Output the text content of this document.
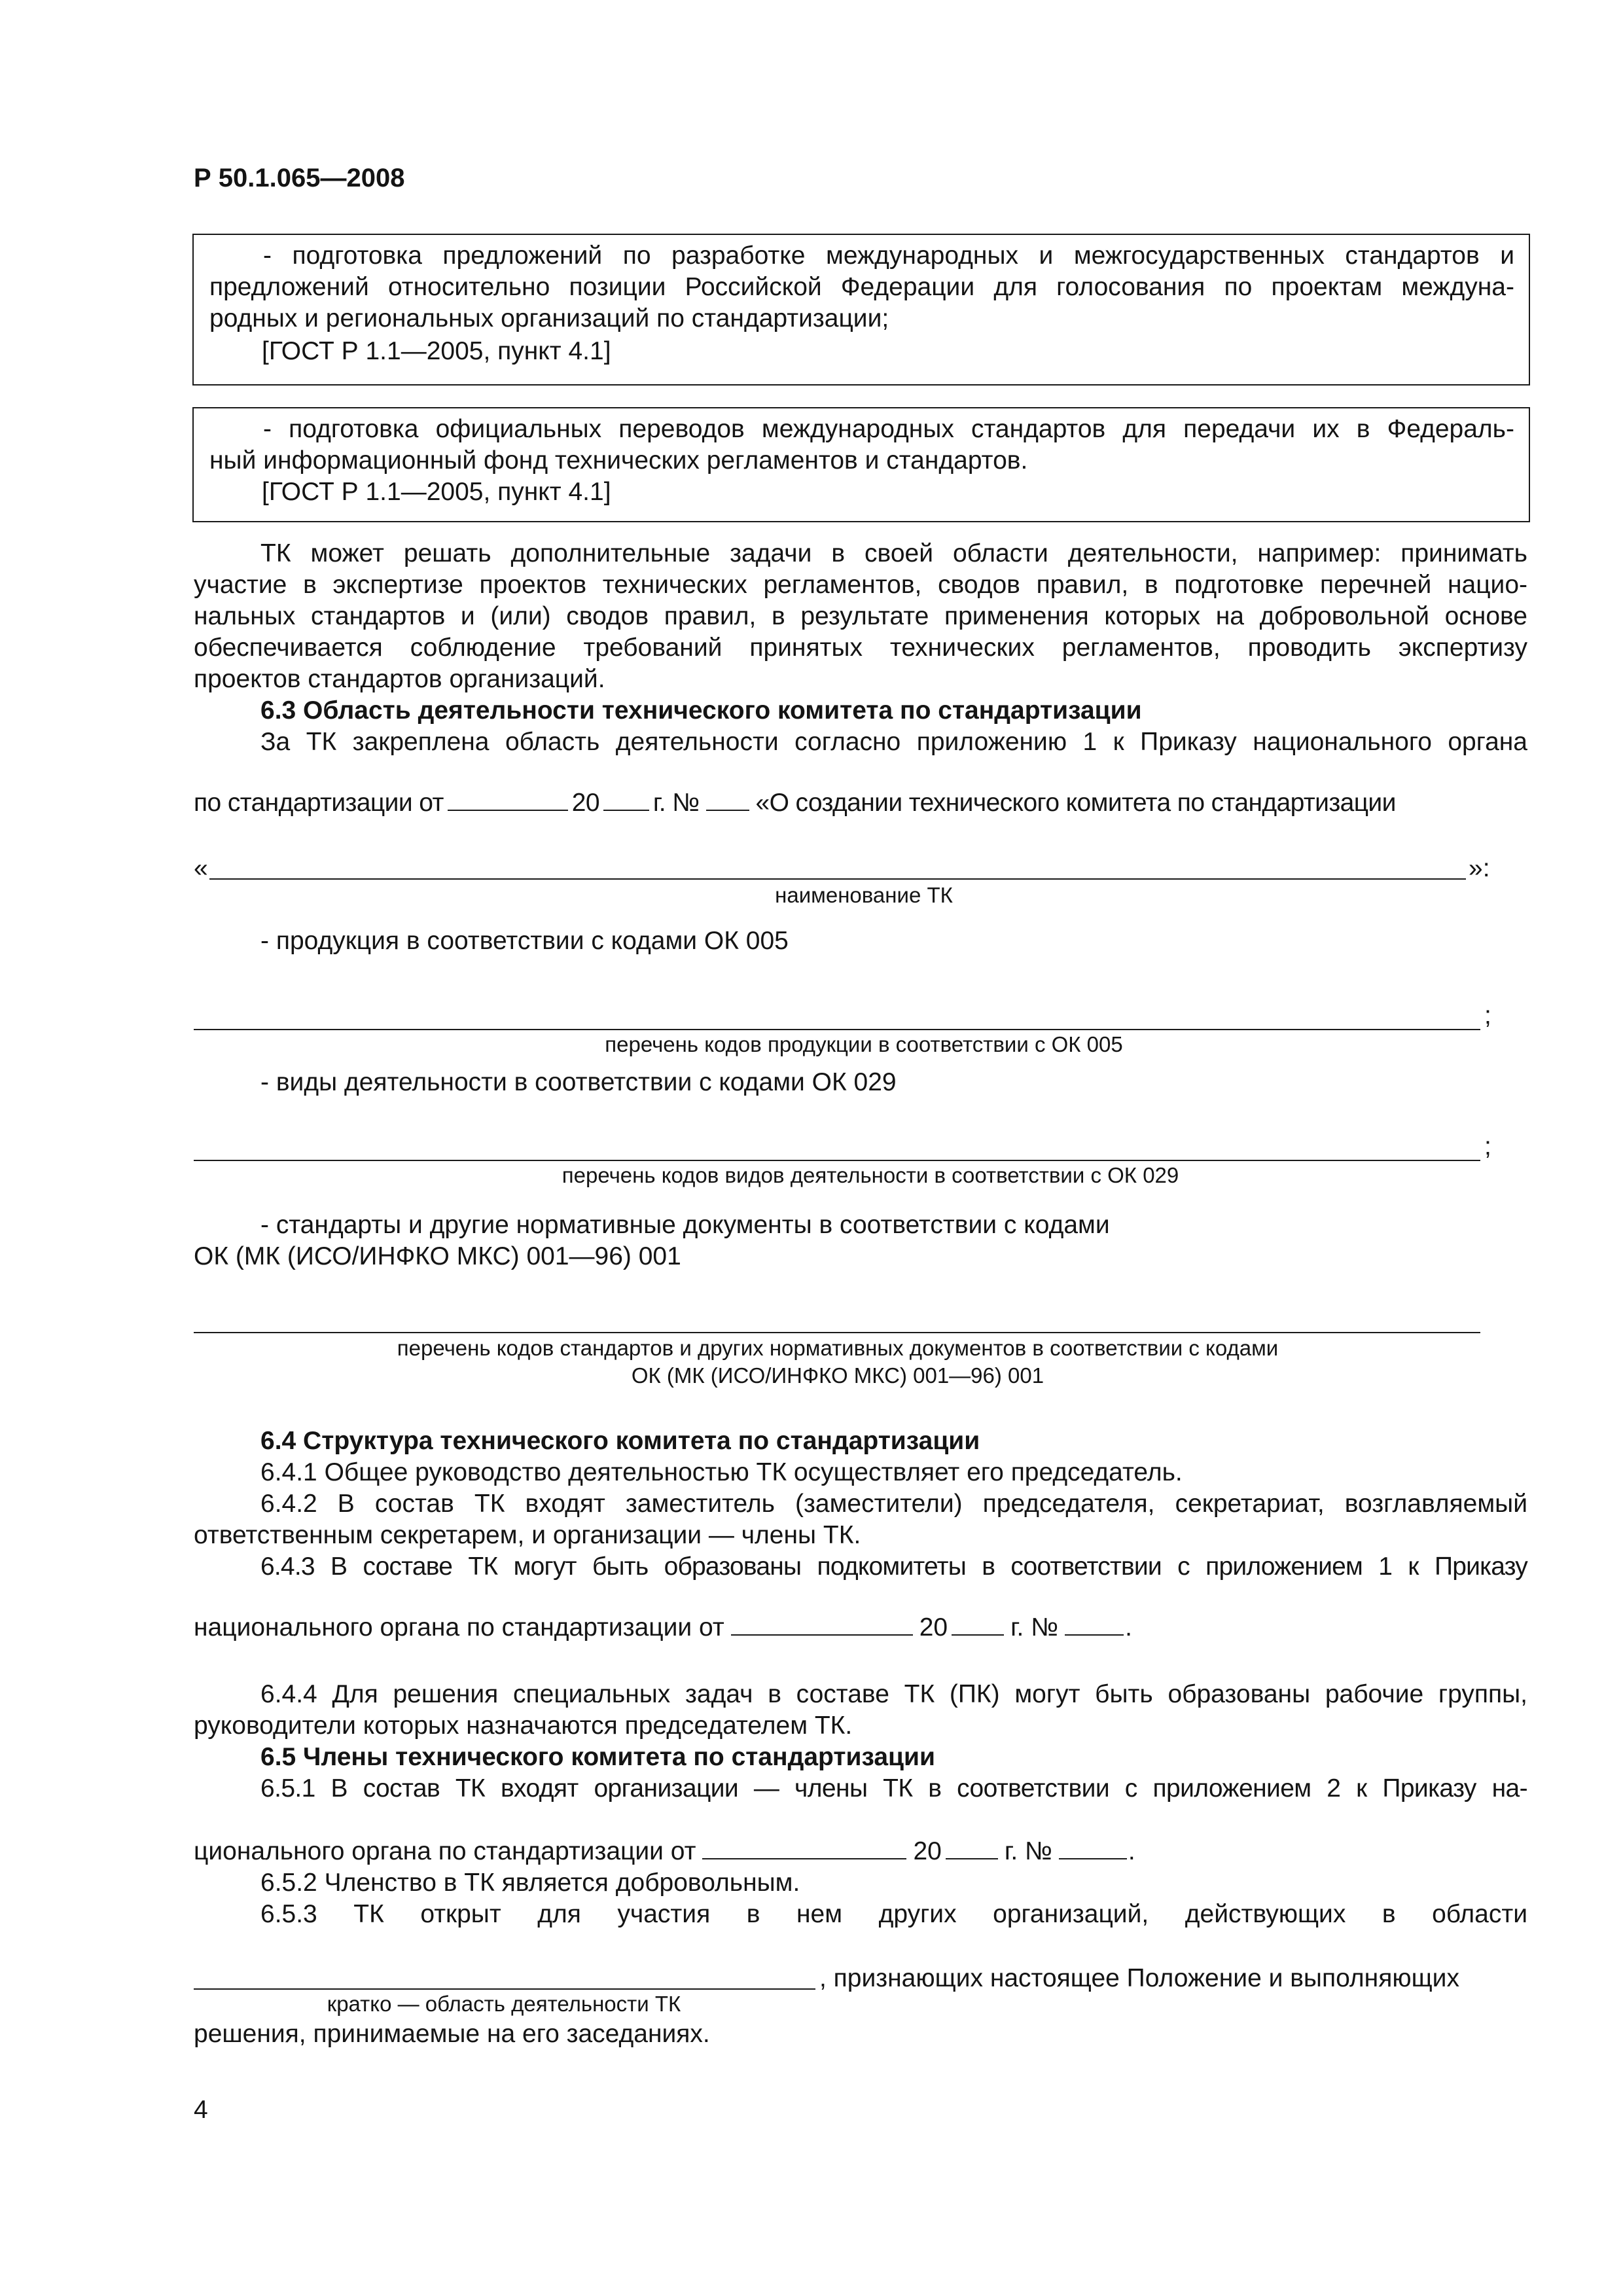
Р 50.1.065—2008
- подготовка предложений по разработке международных и межгосударственных стандартов и
предложений относительно позиции Российской Федерации для голосования по проектам междуна-
родных и региональных организаций по стандартизации;
[ГОСТ Р 1.1—2005, пункт 4.1]
- подготовка официальных переводов международных стандартов для передачи их в Федераль-
ный информационный фонд технических регламентов и стандартов.
[ГОСТ Р 1.1—2005, пункт 4.1]
ТК может решать дополнительные задачи в своей области деятельности, например: принимать
участие в экспертизе проектов технических регламентов, сводов правил, в подготовке перечней нацио-
нальных стандартов и (или) сводов правил, в результате применения которых на добровольной основе
обеспечивается соблюдение требований принятых технических регламентов, проводить экспертизу
проектов стандартов организаций.
6.3 Область деятельности технического комитета по стандартизации
За ТК закреплена область деятельности согласно приложению 1 к Приказу национального органа
по стандартизации от	20 г. № «О создании технического комитета по стандартизации
«	»:
наименование ТК
- продукция в соответствии с кодами ОК 005
;
перечень кодов продукции в соответствии с ОК 005
- виды деятельности в соответствии с кодами ОК 029
;
перечень кодов видов деятельности в соответствии с ОК 029
- стандарты и другие нормативные документы в соответствии с кодами
ОК (МК (ИСО/ИНФКО МКС) 001—96) 001
перечень кодов стандартов и других нормативных документов в соответствии с кодами
ОК (МК (ИСО/ИНФКО МКС) 001—96) 001
6.4 Структура технического комитета по стандартизации
6.4.1 Общее руководство деятельностью ТК осуществляет его председатель.
6.4.2 В состав ТК входят заместитель (заместители) председателя, секретариат, возглавляемый
ответственным секретарем, и организации — члены ТК.
6.4.3 В составе ТК могут быть образованы подкомитеты в соответствии с приложением 1 к Приказу
национального органа по стандартизации от	20 г. №	.
6.4.4 Для решения специальных задач в составе ТК (ПК) могут быть образованы рабочие группы,
руководители которых назначаются председателем ТК.
6.5 Члены технического комитета по стандартизации
6.5.1 В состав ТК входят организации — члены ТК в соответствии с приложением 2 к Приказу на-
ционального органа по стандартизации от	20 г. №	.
6.5.2 Членство в ТК является добровольным.
6.5.3 ТК открыт для участия в нем других организаций, действующих в области
, признающих настоящее Положение и выполняющих
кратко — область деятельности ТК
решения, принимаемые на его заседаниях.
4
